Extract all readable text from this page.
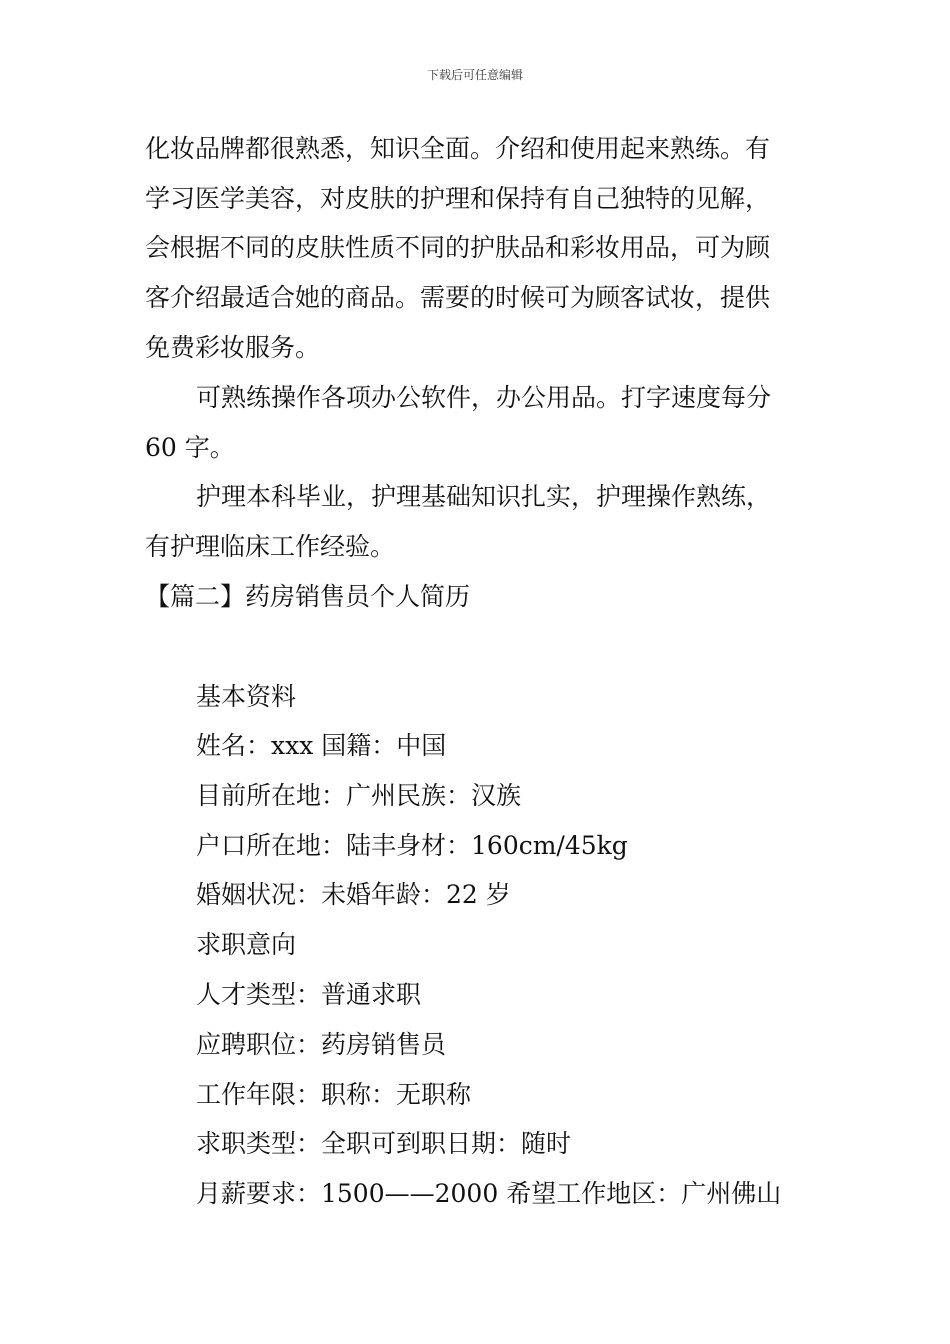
下载后可任意编辑
化妆品牌都很熟悉，知识全面。介绍和使用起来熟练。有
学习医学美容，对皮肤的护理和保持有自己独特的见解，
会根据不同的皮肤性质不同的护肤品和彩妆用品，可为顾
客介绍最适合她的商品。需要的时候可为顾客试妆，提供
免费彩妆服务。
可熟练操作各项办公软件，办公用品。打字速度每分
60 字。
护理本科毕业，护理基础知识扎实，护理操作熟练，
有护理临床工作经验。
【篇二】药房销售员个人简历
基本资料
姓名：xxx 国籍：中国
目前所在地：广州民族：汉族
户口所在地：陆丰身材：160cm/45kg
婚姻状况：未婚年龄：22 岁
求职意向
人才类型：普通求职
应聘职位：药房销售员
工作年限：职称：无职称
求职类型：全职可到职日期：随时
月薪要求：1500——2000 希望工作地区：广州佛山
